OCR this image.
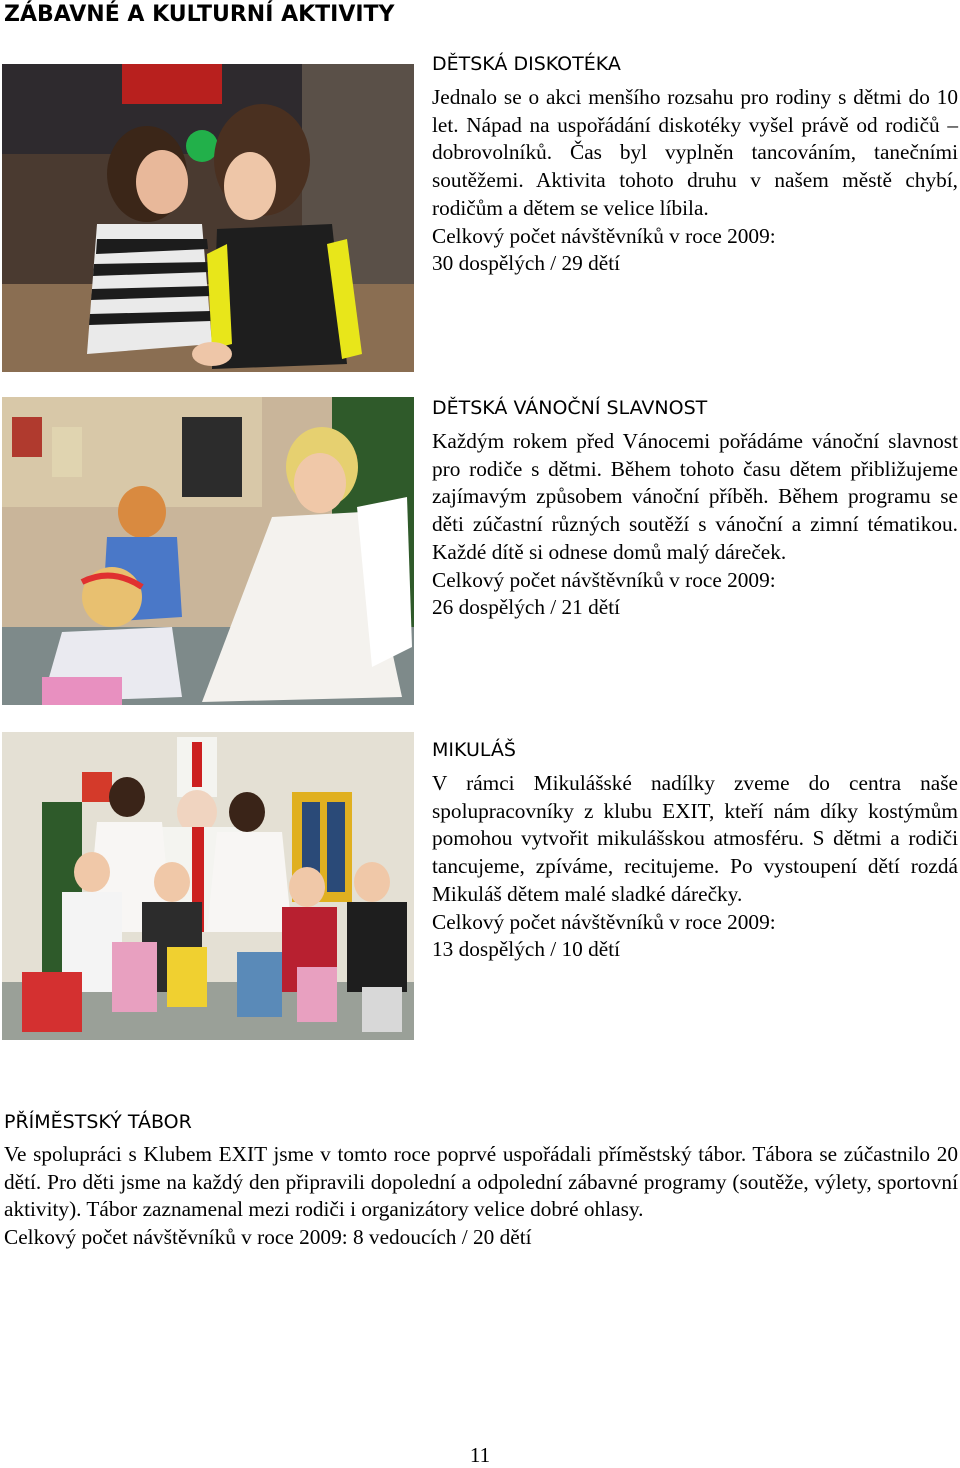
ZÁBAVNÉ A KULTURNÍ AKTIVITY
DĚTSKÁ DISKOTÉKA

Jednalo se o akci menšího rozsahu pro rodiny s dětmi do 10 let. Nápad na uspořádání diskotéky vyšel právě od rodičů – dobrovolníků. Čas byl vyplněn tancováním, tanečními soutěžemi. Aktivita tohoto druhu v našem městě chybí, rodičům a dětem se velice líbila.

Celkový počet návštěvníků v roce 2009:

30 dospělých / 29 dětí

DĚTSKÁ VÁNOČNÍ SLAVNOST

Každým rokem před Vánocemi pořádáme vánoční slavnost pro rodiče s dětmi. Během tohoto času dětem přibližujeme zajímavým způsobem vánoční příběh. Během programu se děti zúčastní různých soutěží s vánoční a zimní tématikou. Každé dítě si odnese domů malý dáreček.

Celkový počet návštěvníků v roce 2009:

26 dospělých / 21 dětí

MIKULÁŠ

V rámci Mikulášské nadílky zveme do centra naše spolupracovníky z klubu EXIT, kteří nám díky kostýmům pomohou vytvořit mikulášskou atmosféru. S dětmi a rodiči tancujeme, zpíváme, recitujeme. Po vystoupení dětí rozdá Mikuláš dětem malé sladké dárečky.

Celkový počet návštěvníků v roce 2009:

13 dospělých / 10 dětí

PŘÍMĚSTSKÝ TÁBOR

Ve spolupráci s Klubem EXIT jsme v tomto roce poprvé uspořádali příměstský tábor. Tábora se zúčastnilo 20 dětí. Pro děti jsme na každý den připravili dopolední a odpolední zábavné programy (soutěže, výlety, sportovní aktivity). Tábor zaznamenal mezi rodiči i organizátory velice dobré ohlasy.

Celkový počet návštěvníků v roce 2009: 8 vedoucích / 20 dětí

11
